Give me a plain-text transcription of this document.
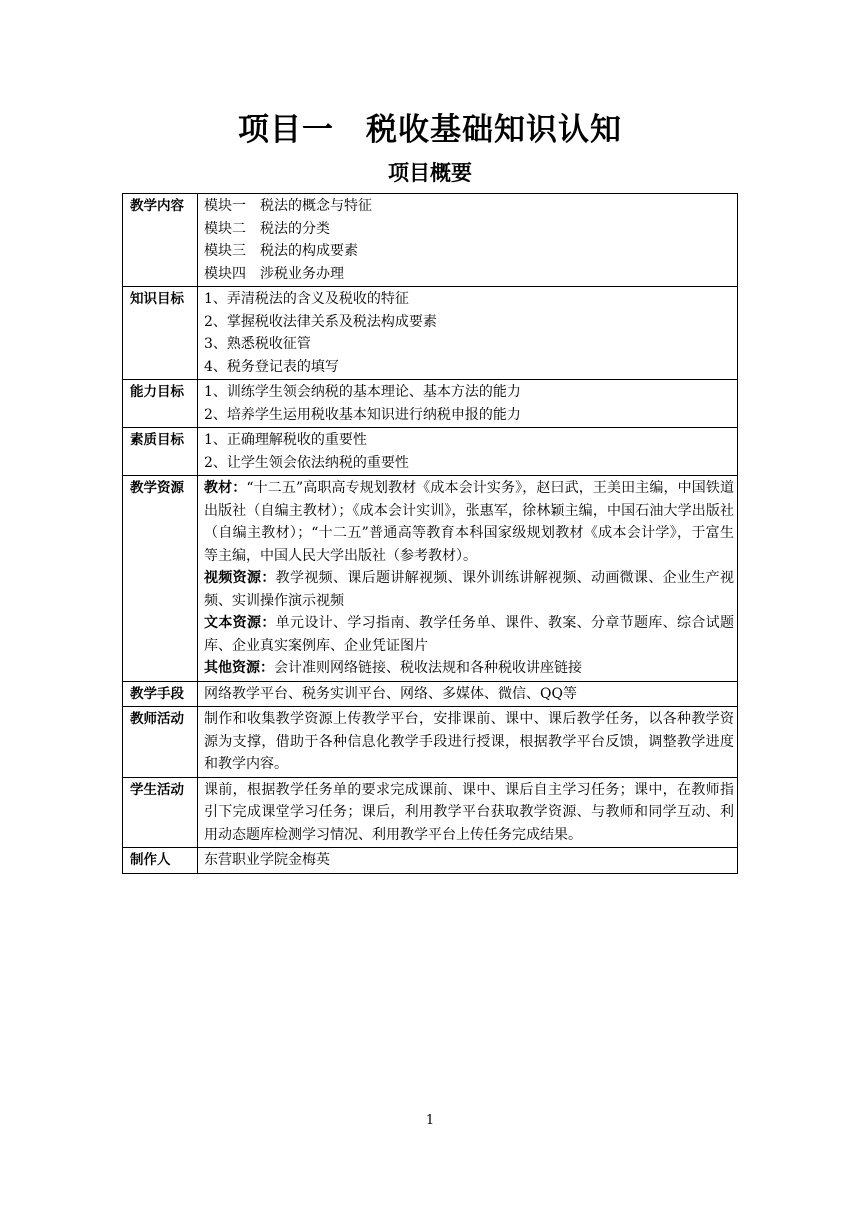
项目一　税收基础知识认知
项目概要
教学内容	模块一　税法的概念与特征
模块二　税法的分类
模块三　税法的构成要素
模块四　涉税业务办理

知识目标	1、弄清税法的含义及税收的特征
2、掌握税收法律关系及税法构成要素
3、熟悉税收征管
4、税务登记表的填写

能力目标	1、训练学生领会纳税的基本理论、基本方法的能力
2、培养学生运用税收基本知识进行纳税申报的能力

素质目标	1、正确理解税收的重要性
2、让学生领会依法纳税的重要性

教学资源	教材：“十二五”高职高专规划教材《成本会计实务》，赵曰武，王美田主编，中国铁道出版社（自编主教材）；《成本会计实训》，张惠军，徐林颖主编，中国石油大学出版社（自编主教材）；“十二五”普通高等教育本科国家级规划教材《成本会计学》，于富生等主编，中国人民大学出版社（参考教材）。
视频资源：教学视频、课后题讲解视频、课外训练讲解视频、动画微课、企业生产视频、实训操作演示视频
文本资源：单元设计、学习指南、教学任务单、课件、教案、分章节题库、综合试题库、企业真实案例库、企业凭证图片
其他资源：会计准则网络链接、税收法规和各种税收讲座链接

教学手段	网络教学平台、税务实训平台、网络、多媒体、微信、QQ等
教师活动	制作和收集教学资源上传教学平台，安排课前、课中、课后教学任务，以各种教学资源为支撑，借助于各种信息化教学手段进行授课，根据教学平台反馈，调整教学进度和教学内容。

学生活动	课前，根据教学任务单的要求完成课前、课中、课后自主学习任务；课中，在教师指引下完成课堂学习任务；课后，利用教学平台获取教学资源、与教师和同学互动、利用动态题库检测学习情况、利用教学平台上传任务完成结果。

制作人	东营职业学院金梅英
1
